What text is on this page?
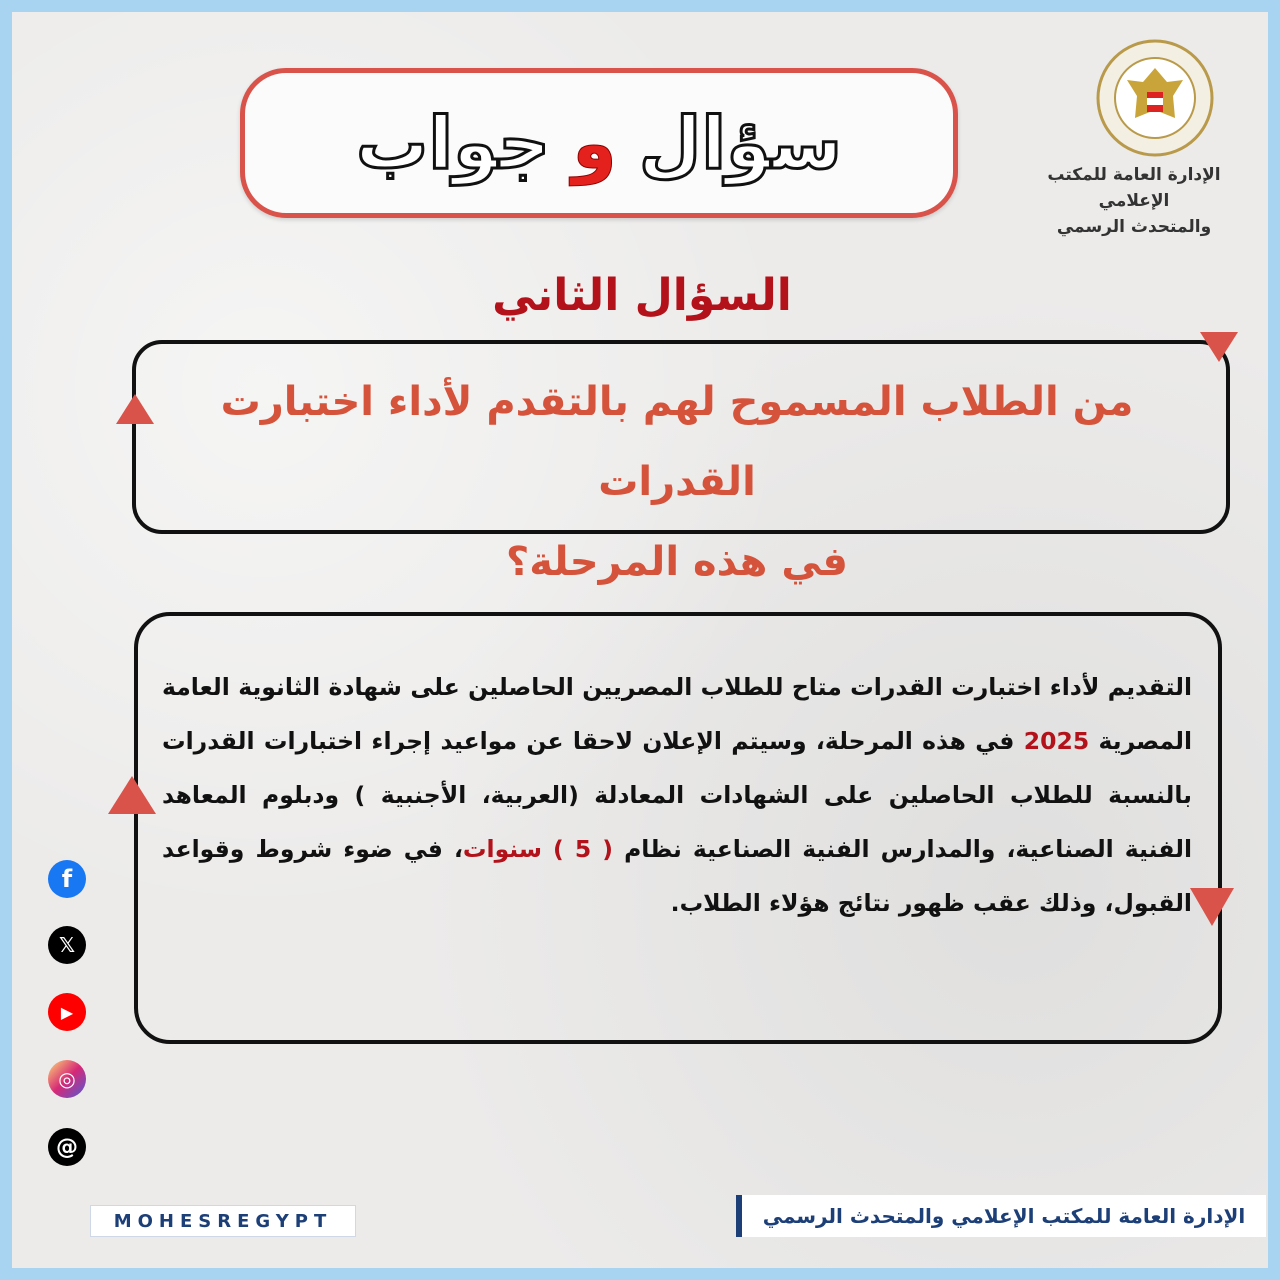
جواب و سؤال	الإدارة العامة للمكتب الإعلامي
والمتحدث الرسمي
السؤال الثاني
من الطلاب المسموح لهم بالتقدم لأداء اختبارت القدرات
في هذه المرحلة؟
التقديم لأداء اختبارت القدرات متاح للطلاب المصريين الحاصلين على شهادة الثانوية العامة المصرية 2025 في هذه المرحلة، وسيتم الإعلان لاحقا عن مواعيد إجراء اختبارات القدرات بالنسبة للطلاب الحاصلين على الشهادات المعادلة (العربية، الأجنبية ) ودبلوم المعاهد الفنية الصناعية، والمدارس الفنية الصناعية نظام ( 5 ) سنوات، في ضوء شروط وقواعد القبول، وذلك عقب ظهور نتائج هؤلاء الطلاب.
f
𝕏
▶
◎
@
MOHESREGYPT	الإدارة العامة للمكتب الإعلامي والمتحدث الرسمي
